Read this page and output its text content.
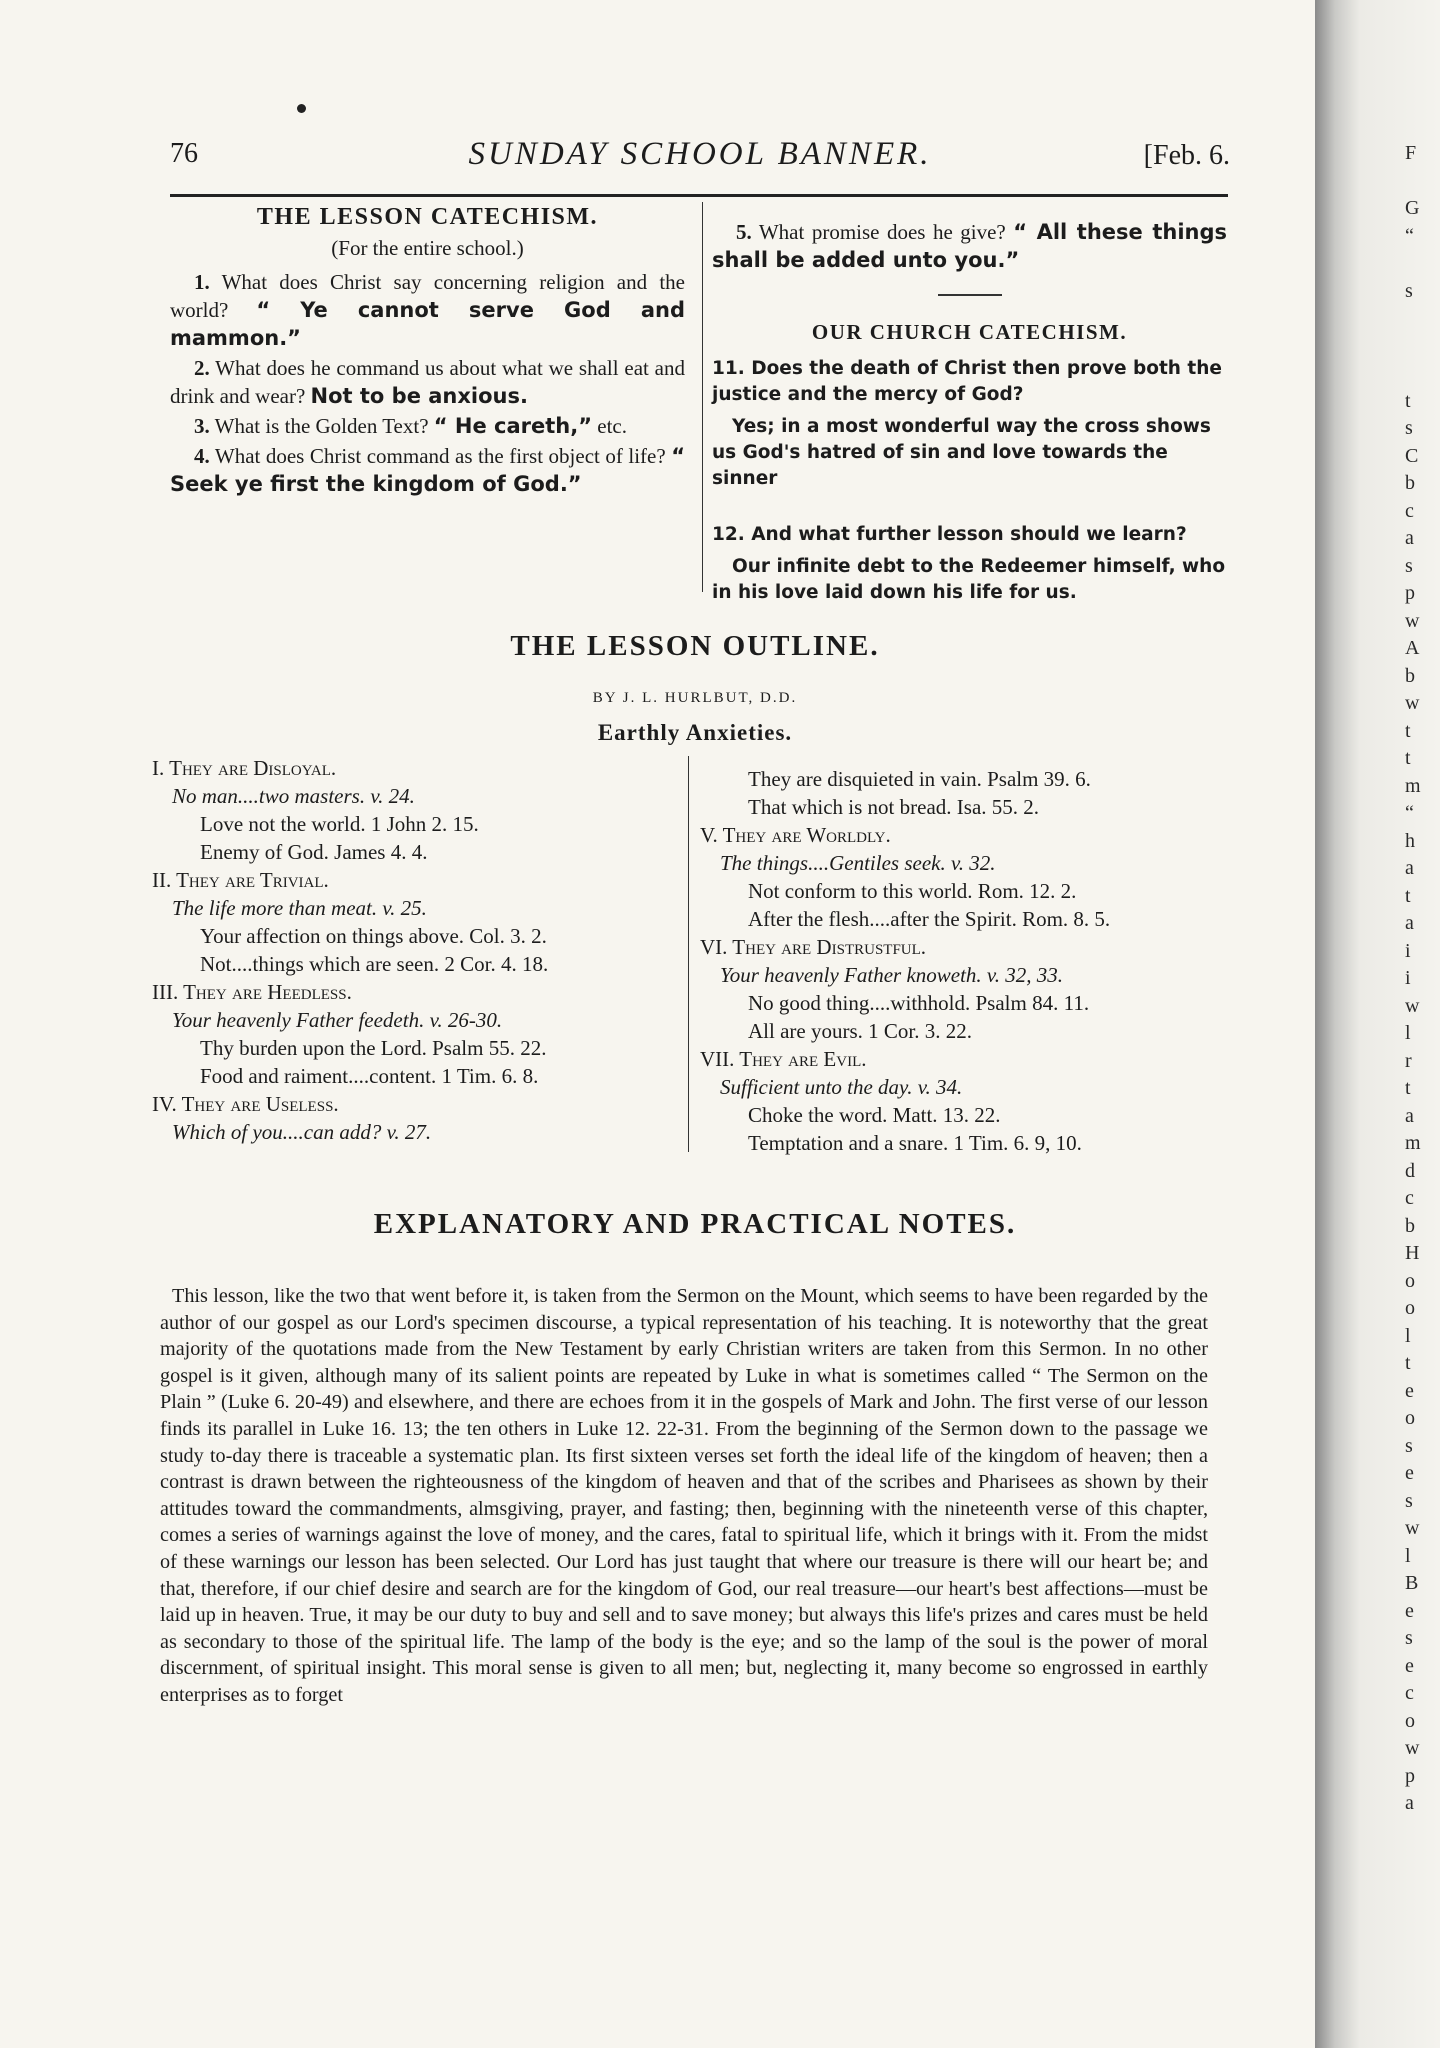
F
G
“
s
t
s
C
b
c
a
s
p
w
A
b
w
t
t
m
“
h
a
t
a
i
i
w
l
r
t
a
m
d
c
b
H
o
o
l
t
e
o
s
e
s
w
l
B
e
s
e
c
o
w
p
a
76	SUNDAY SCHOOL BANNER.	[Feb. 6.
THE LESSON CATECHISM.
(For the entire school.)

1. What does Christ say concerning religion and the world? “ Ye cannot serve God and mammon.”

2. What does he command us about what we shall eat and drink and wear? Not to be anxious.

3. What is the Golden Text? “ He careth,” etc.

4. What does Christ command as the first object of life? “ Seek ye first the kingdom of God.”

5. What promise does he give? “ All these things shall be added unto you.”

OUR CHURCH CATECHISM.

11. Does the death of Christ then prove both the justice and the mercy of God?

Yes; in a most wonderful way the cross shows us God's hatred of sin and love towards the sinner

12. And what further lesson should we learn?

Our infinite debt to the Redeemer himself, who in his love laid down his life for us.

THE LESSON OUTLINE.
BY J. L. HURLBUT, D.D.
Earthly Anxieties.
I. They are Disloyal.
No man....two masters. v. 24.
Love not the world. 1 John 2. 15.
Enemy of God. James 4. 4.
II. They are Trivial.
The life more than meat. v. 25.
Your affection on things above. Col. 3. 2.
Not....things which are seen. 2 Cor. 4. 18.
III. They are Heedless.
Your heavenly Father feedeth. v. 26-30.
Thy burden upon the Lord. Psalm 55. 22.
Food and raiment....content. 1 Tim. 6. 8.
IV. They are Useless.
Which of you....can add? v. 27.
They are disquieted in vain. Psalm 39. 6.
That which is not bread. Isa. 55. 2.
V. They are Worldly.
The things....Gentiles seek. v. 32.
Not conform to this world. Rom. 12. 2.
After the flesh....after the Spirit. Rom. 8. 5.
VI. They are Distrustful.
Your heavenly Father knoweth. v. 32, 33.
No good thing....withhold. Psalm 84. 11.
All are yours. 1 Cor. 3. 22.
VII. They are Evil.
Sufficient unto the day. v. 34.
Choke the word. Matt. 13. 22.
Temptation and a snare. 1 Tim. 6. 9, 10.
EXPLANATORY AND PRACTICAL NOTES.

This lesson, like the two that went before it, is taken from the Sermon on the Mount, which seems to have been regarded by the author of our gospel as our Lord's specimen discourse, a typical representation of his teaching. It is noteworthy that the great majority of the quotations made from the New Testament by early Christian writers are taken from this Sermon. In no other gospel is it given, although many of its salient points are repeated by Luke in what is sometimes called “ The Sermon on the Plain ” (Luke 6. 20-49) and elsewhere, and there are echoes from it in the gospels of Mark and John. The first verse of our lesson finds its parallel in Luke 16. 13; the ten others in Luke 12. 22-31. From the beginning of the Sermon down to the passage we study to-day there is traceable a systematic plan. Its first sixteen verses set forth the ideal life of the kingdom of heaven; then a contrast is drawn between the righteousness of the kingdom of heaven and that of the scribes and Pharisees as shown by their attitudes toward the commandments, almsgiving, prayer, and fasting; then, beginning with the nineteenth verse of this chapter, comes a series of warnings against the love of money, and the cares, fatal to spiritual life, which it brings with it. From the midst of these warnings our lesson has been selected. Our Lord has just taught that where our treasure is there will our heart be; and that, therefore, if our chief desire and search are for the kingdom of God, our real treasure—our heart's best affections—must be laid up in heaven. True, it may be our duty to buy and sell and to save money; but always this life's prizes and cares must be held as secondary to those of the spiritual life. The lamp of the body is the eye; and so the lamp of the soul is the power of moral discernment, of spiritual insight. This moral sense is given to all men; but, neglecting it, many become so engrossed in earthly enterprises as to forget
